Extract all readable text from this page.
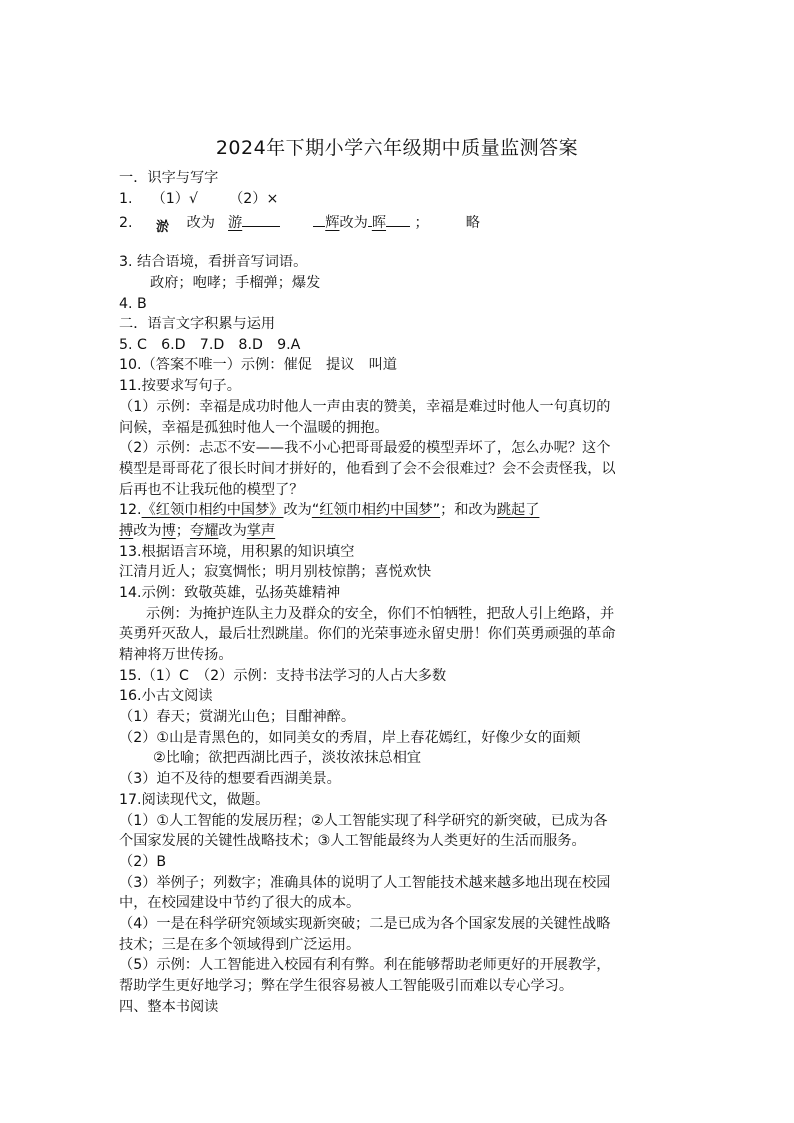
2024年下期小学六年级期中质量监测答案
一．识字与写字
1. （1）√ （2）×
2.	改为 游	辉改为 晖 ；	略
淤
3. 结合语境，看拼音写词语。
政府；咆哮；手榴弹；爆发
4. B
二．语言文字积累与运用
5. C　6.D　7.D　8.D　9.A
10.（答案不唯一）示例：催促　提议　叫道
11.按要求写句子。
（1）示例：幸福是成功时他人一声由衷的赞美，幸福是难过时他人一句真切的
问候，幸福是孤独时他人一个温暖的拥抱。
（2）示例：忐忑不安——我不小心把哥哥最爱的模型弄坏了，怎么办呢？这个
模型是哥哥花了很长时间才拼好的，他看到了会不会很难过？会不会责怪我，以
后再也不让我玩他的模型了？
12.《红领巾相约中国梦》改为“红领巾相约中国梦”；和改为跳起了
搏改为博；夸耀改为掌声
13.根据语言环境，用积累的知识填空
江清月近人；寂寞惆怅；明月别枝惊鹊；喜悦欢快
14.示例：致敬英雄，弘扬英雄精神
示例：为掩护连队主力及群众的安全，你们不怕牺牲，把敌人引上绝路，并
英勇歼灭敌人，最后壮烈跳崖。你们的光荣事迹永留史册！你们英勇顽强的革命
精神将万世传扬。
15.（1）C　（2）示例：支持书法学习的人占大多数
16.小古文阅读
（1）春天；赏湖光山色；目酣神醉。
（2）①山是青黑色的，如同美女的秀眉，岸上春花嫣红，好像少女的面颊
②比喻；欲把西湖比西子，淡妆浓抹总相宜
（3）迫不及待的想要看西湖美景。
17.阅读现代文，做题。
（1）①人工智能的发展历程；②人工智能实现了科学研究的新突破，已成为各
个国家发展的关键性战略技术；③人工智能最终为人类更好的生活而服务。
（2）B
（3）举例子；列数字；准确具体的说明了人工智能技术越来越多地出现在校园
中，在校园建设中节约了很大的成本。
（4）一是在科学研究领域实现新突破；二是已成为各个国家发展的关键性战略
技术；三是在多个领域得到广泛运用。
（5）示例：人工智能进入校园有利有弊。利在能够帮助老师更好的开展教学，
帮助学生更好地学习；弊在学生很容易被人工智能吸引而难以专心学习。
四、整本书阅读
